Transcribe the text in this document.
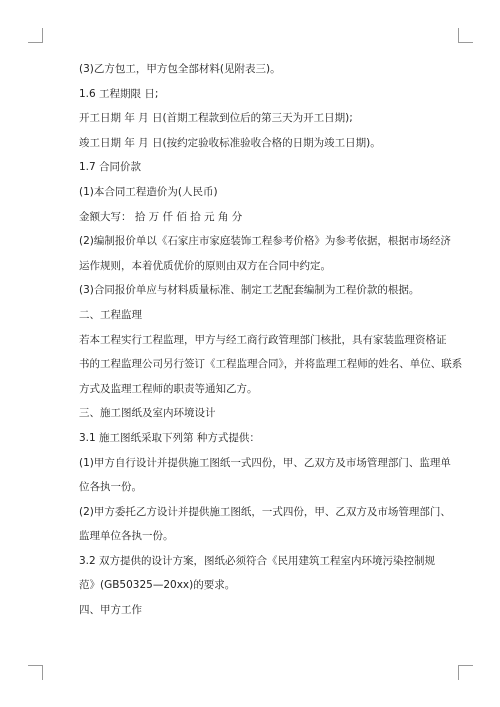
(3)乙方包工，甲方包全部材料(见附表三)。
1.6 工程期限 日;
开工日期 年 月 日(首期工程款到位后的第三天为开工日期);
竣工日期 年 月 日(按约定验收标准验收合格的日期为竣工日期)。
1.7 合同价款
(1)本合同工程造价为(人民币)
金额大写： 拾 万 仟 佰 拾 元 角 分
(2)编制报价单以《石家庄市家庭装饰工程参考价格》为参考依据，根据市场经济
运作规则，本着优质优价的原则由双方在合同中约定。
(3)合同报价单应与材料质量标准、制定工艺配套编制为工程价款的根据。
二、工程监理
若本工程实行工程监理，甲方与经工商行政管理部门核批，具有家装监理资格证
书的工程监理公司另行签订《工程监理合同》，并将监理工程师的姓名、单位、联系
方式及监理工程师的职责等通知乙方。
三、施工图纸及室内环境设计
3.1 施工图纸采取下列第 种方式提供：
(1)甲方自行设计并提供施工图纸一式四份，甲、乙双方及市场管理部门、监理单
位各执一份。
(2)甲方委托乙方设计并提供施工图纸，一式四份，甲、乙双方及市场管理部门、
监理单位各执一份。
3.2 双方提供的设计方案，图纸必须符合《民用建筑工程室内环境污染控制规
范》(GB50325—20xx)的要求。
四、甲方工作
